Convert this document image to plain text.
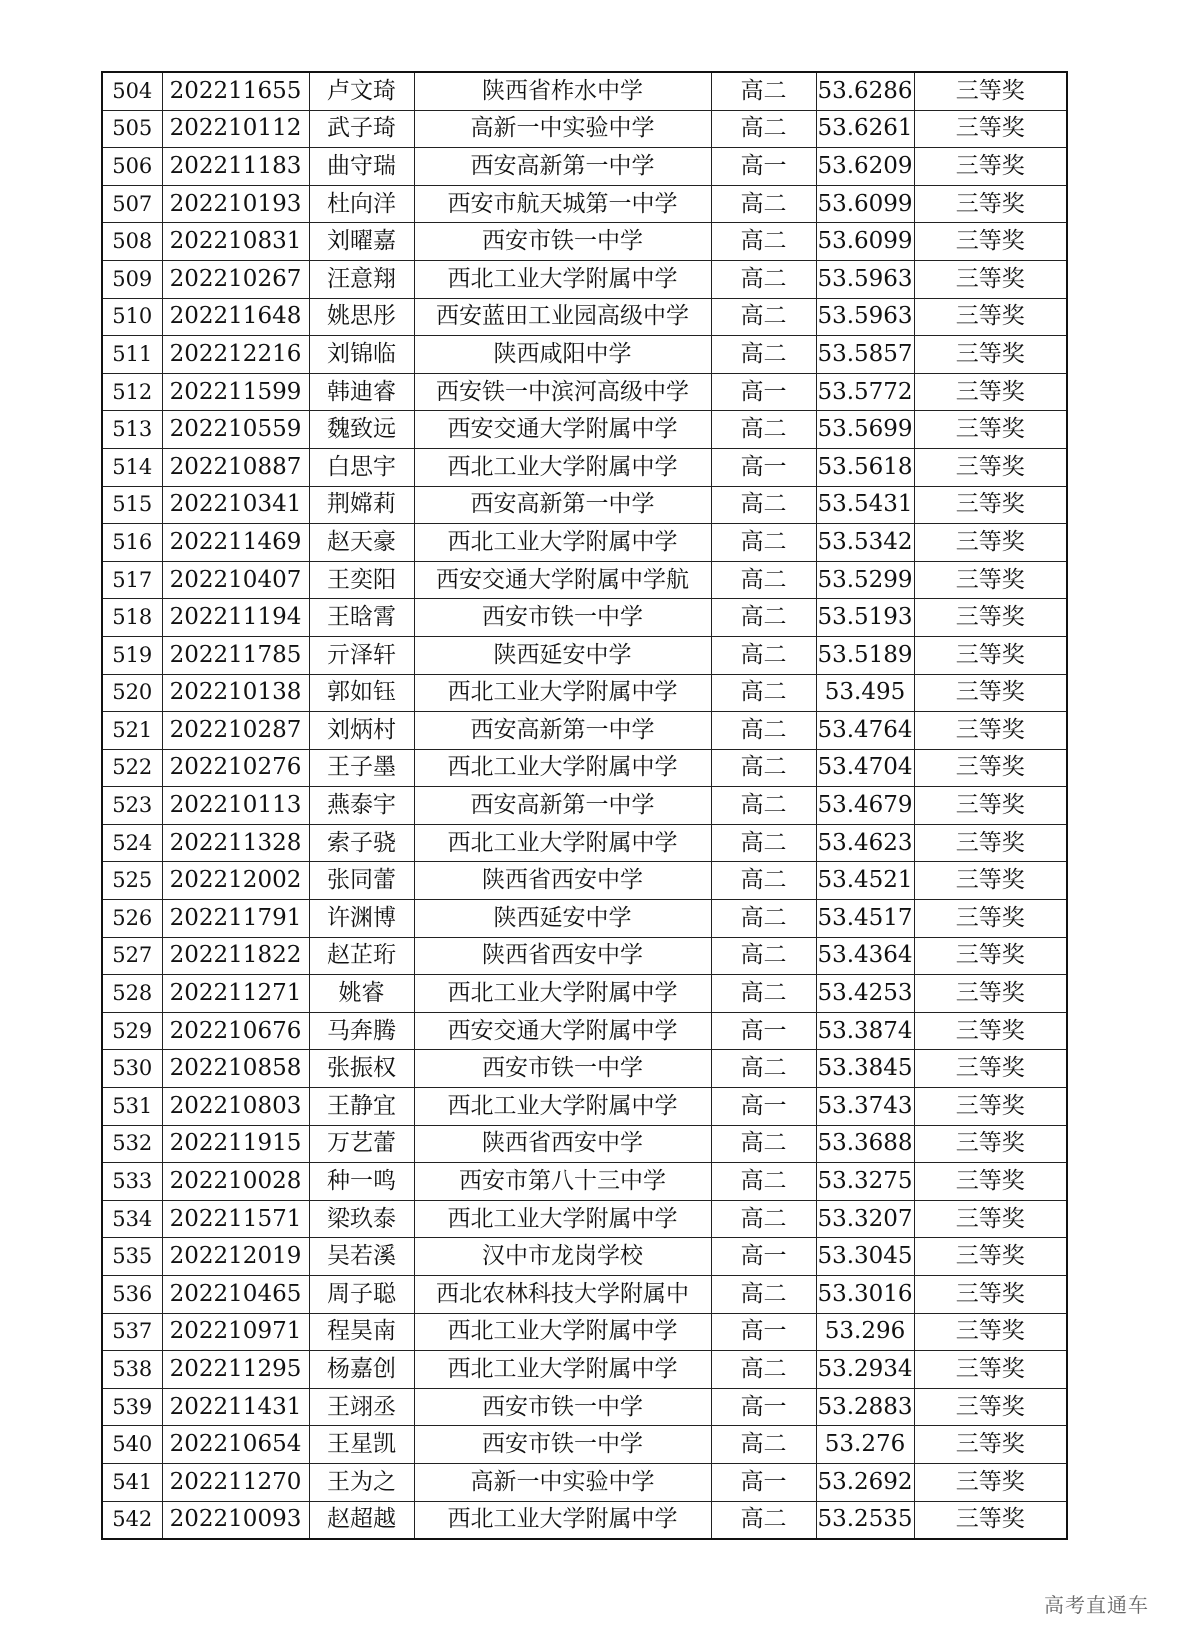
504	202211655	卢文琦	陕西省柞水中学	高二	53.6286	三等奖
505	202210112	武子琦	高新一中实验中学	高二	53.6261	三等奖
506	202211183	曲守瑞	西安高新第一中学	高一	53.6209	三等奖
507	202210193	杜向洋	西安市航天城第一中学	高二	53.6099	三等奖
508	202210831	刘曜嘉	西安市铁一中学	高二	53.6099	三等奖
509	202210267	汪意翔	西北工业大学附属中学	高二	53.5963	三等奖
510	202211648	姚思彤	西安蓝田工业园高级中学	高二	53.5963	三等奖
511	202212216	刘锦临	陕西咸阳中学	高二	53.5857	三等奖
512	202211599	韩迪睿	西安铁一中滨河高级中学	高一	53.5772	三等奖
513	202210559	魏致远	西安交通大学附属中学	高二	53.5699	三等奖
514	202210887	白思宇	西北工业大学附属中学	高一	53.5618	三等奖
515	202210341	荆嫦莉	西安高新第一中学	高二	53.5431	三等奖
516	202211469	赵天豪	西北工业大学附属中学	高二	53.5342	三等奖
517	202210407	王奕阳	西安交通大学附属中学航	高二	53.5299	三等奖
518	202211194	王晗霄	西安市铁一中学	高二	53.5193	三等奖
519	202211785	亓泽轩	陕西延安中学	高二	53.5189	三等奖
520	202210138	郭如钰	西北工业大学附属中学	高二	53.495	三等奖
521	202210287	刘炳村	西安高新第一中学	高二	53.4764	三等奖
522	202210276	王子墨	西北工业大学附属中学	高二	53.4704	三等奖
523	202210113	燕泰宇	西安高新第一中学	高二	53.4679	三等奖
524	202211328	索子骁	西北工业大学附属中学	高二	53.4623	三等奖
525	202212002	张同蕾	陕西省西安中学	高二	53.4521	三等奖
526	202211791	许渊博	陕西延安中学	高二	53.4517	三等奖
527	202211822	赵芷珩	陕西省西安中学	高二	53.4364	三等奖
528	202211271	姚睿	西北工业大学附属中学	高二	53.4253	三等奖
529	202210676	马奔腾	西安交通大学附属中学	高一	53.3874	三等奖
530	202210858	张振权	西安市铁一中学	高二	53.3845	三等奖
531	202210803	王静宜	西北工业大学附属中学	高一	53.3743	三等奖
532	202211915	万艺蕾	陕西省西安中学	高二	53.3688	三等奖
533	202210028	种一鸣	西安市第八十三中学	高二	53.3275	三等奖
534	202211571	梁玖泰	西北工业大学附属中学	高二	53.3207	三等奖
535	202212019	吴若溪	汉中市龙岗学校	高一	53.3045	三等奖
536	202210465	周子聪	西北农林科技大学附属中	高二	53.3016	三等奖
537	202210971	程昊南	西北工业大学附属中学	高一	53.296	三等奖
538	202211295	杨嘉创	西北工业大学附属中学	高二	53.2934	三等奖
539	202211431	王翊丞	西安市铁一中学	高一	53.2883	三等奖
540	202210654	王星凯	西安市铁一中学	高二	53.276	三等奖
541	202211270	王为之	高新一中实验中学	高一	53.2692	三等奖
542	202210093	赵超越	西北工业大学附属中学	高二	53.2535	三等奖
高考直通车
